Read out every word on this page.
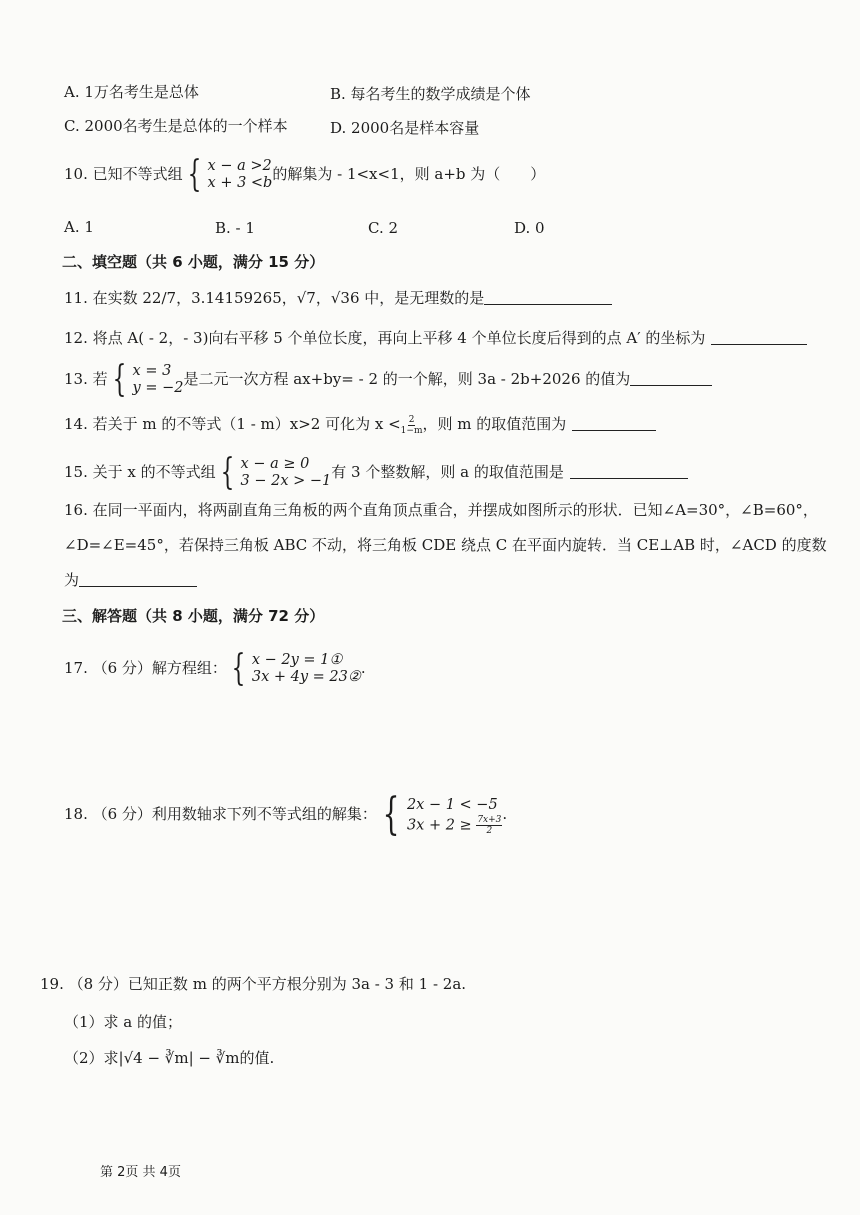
A. 1万名考生是总体	B. 每名考生的数学成绩是个体
C. 2000名考生是总体的一个样本	D. 2000名是样本容量
10. 已知不等式组 { x − a >2
x + 3 <b 的解集为 - 1<x<1，则 a+b 为（　　）
A. 1	B. - 1	C. 2	D. 0
二、填空题（共 6 小题，满分 15 分）
11. 在实数 22/7，3.14159265，√7，√36 中，是无理数的是
12. 将点 A( - 2，- 3)向右平移 5 个单位长度，再向上平移 4 个单位长度后得到的点 A′ 的坐标为
13. 若 { x = 3
y = −2 是二元一次方程 ax+by= - 2 的一个解，则 3a - 2b+2026 的值为
14. 若关于 m 的不等式（1 - m）x>2 可化为 $x < \frac{2}{1-m}$ ，则 m 的取值范围为
15. 关于 x 的不等式组 { x − a ≥ 0
3 − 2x > −1 有 3 个整数解，则 a 的取值范围是
16. 在同一平面内，将两副直角三角板的两个直角顶点重合，并摆成如图所示的形状．已知∠A=30°，∠B=60°，
∠D=∠E=45°，若保持三角板 ABC 不动，将三角板 CDE 绕点 C 在平面内旋转．当 CE⊥AB 时，∠ACD 的度数
为
三、解答题（共 8 小题，满分 72 分）
17. （6 分）解方程组： { x − 2y = 1①
3x + 4y = 23② .
18. （6 分）利用数轴求下列不等式组的解集： { 2x − 1 < −5
$3x + 2 \ge \frac{7x+3}{2}$
.
19. （8 分）已知正数 m 的两个平方根分别为 3a - 3 和 1 - 2a.
（1）求 a 的值；
（2）求|√4 − ∛m| − ∛m的值.
第 2页 共 4页
